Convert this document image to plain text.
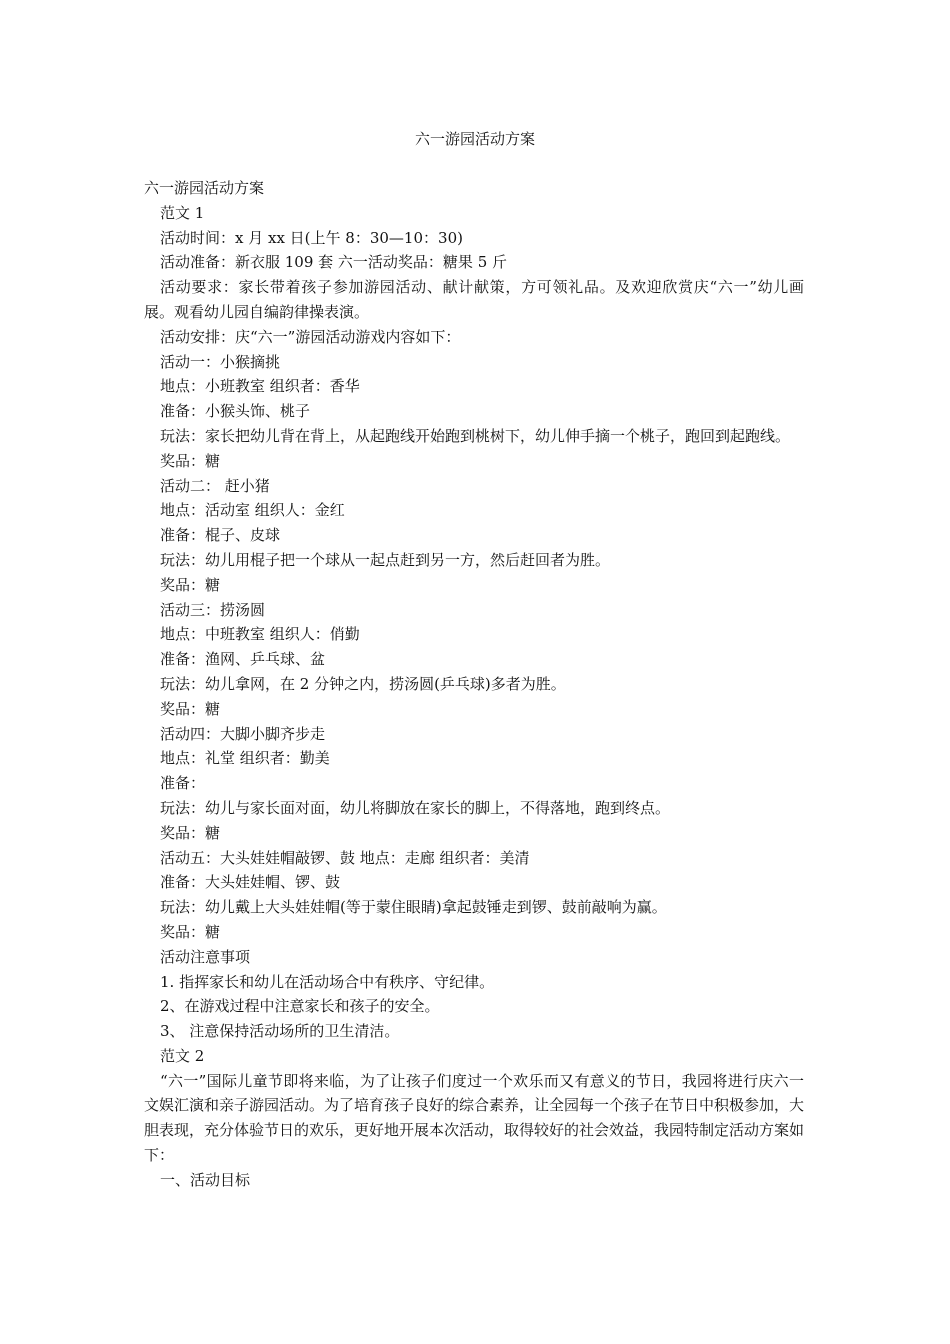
六一游园活动方案
六一游园活动方案
范文 1
活动时间：x 月 xx 日(上午 8：30—10：30)
活动准备：新衣服 109 套 六一活动奖品：糖果 5 斤
活动要求：家长带着孩子参加游园活动、献计献策，方可领礼品。及欢迎欣赏庆“六一”幼儿画展。观看幼儿园自编韵律操表演。
活动安排：庆“六一”游园活动游戏内容如下：
活动一：小猴摘挑
地点：小班教室 组织者：香华
准备：小猴头饰、桃子
玩法：家长把幼儿背在背上，从起跑线开始跑到桃树下，幼儿伸手摘一个桃子，跑回到起跑线。
奖品：糖
活动二： 赶小猪
地点：活动室 组织人：金红
准备：棍子、皮球
玩法：幼儿用棍子把一个球从一起点赶到另一方，然后赶回者为胜。
奖品：糖
活动三：捞汤圆
地点：中班教室 组织人：俏勤
准备：渔网、乒乓球、盆
玩法：幼儿拿网，在 2 分钟之内，捞汤圆(乒乓球)多者为胜。
奖品：糖
活动四：大脚小脚齐步走
地点：礼堂 组织者：勤美
准备：
玩法：幼儿与家长面对面，幼儿将脚放在家长的脚上，不得落地，跑到终点。
奖品：糖
活动五：大头娃娃帽敲锣、鼓 地点：走廊 组织者：美清
准备：大头娃娃帽、锣、鼓
玩法：幼儿戴上大头娃娃帽(等于蒙住眼睛)拿起鼓锤走到锣、鼓前敲响为赢。
奖品：糖
活动注意事项
1. 指挥家长和幼儿在活动场合中有秩序、守纪律。
2、在游戏过程中注意家长和孩子的安全。
3、 注意保持活动场所的卫生清洁。
范文 2
“六一”国际儿童节即将来临，为了让孩子们度过一个欢乐而又有意义的节日，我园将进行庆六一文娱汇演和亲子游园活动。为了培育孩子良好的综合素养，让全园每一个孩子在节日中积极参加，大胆表现，充分体验节日的欢乐，更好地开展本次活动，取得较好的社会效益，我园特制定活动方案如下：
一、活动目标
